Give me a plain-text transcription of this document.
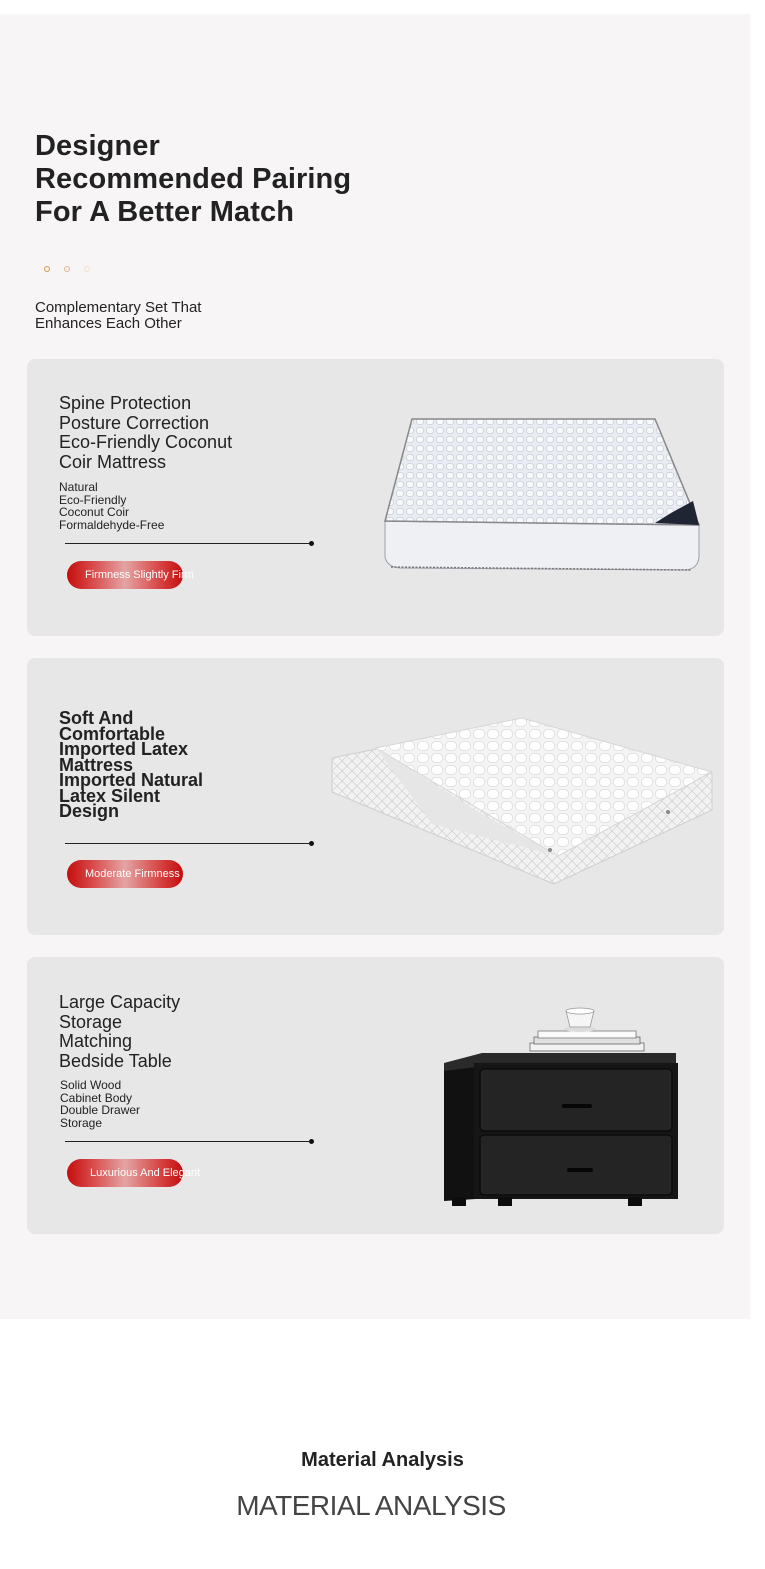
Designer
Recommended Pairing
For A Better Match

Complementary Set That
Enhances Each Other

Spine Protection
Posture Correction
Eco-Friendly Coconut
Coir Mattress

Natural
Eco-Friendly
Coconut Coir
Formaldehyde-Free

Firmness Slightly Firm
Soft And
Comfortable
Imported Latex
Mattress
Imported Natural
Latex Silent
Design
Moderate Firmness
Large Capacity
Storage
Matching
Bedside Table

Solid Wood
Cabinet Body
Double Drawer
Storage

Luxurious And Elegant
Material Analysis
MATERIAL ANALYSIS
